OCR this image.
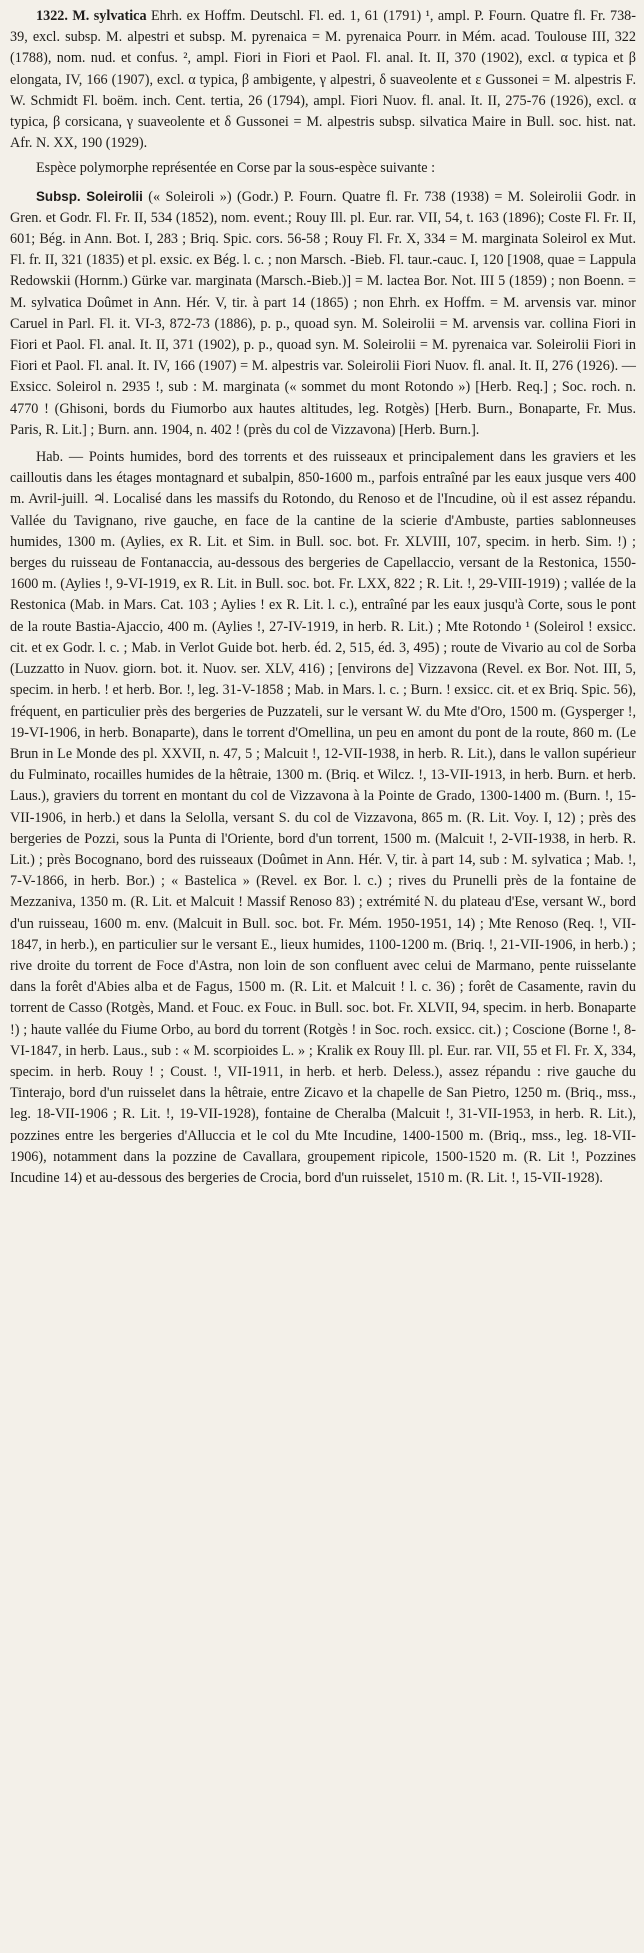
1322. M. sylvatica Ehrh. ex Hoffm. Deutschl. Fl. ed. 1, 61 (1791) ¹, ampl. P. Fourn. Quatre fl. Fr. 738-39, excl. subsp. M. alpestri et subsp. M. pyrenaica = M. pyrenaica Pourr. in Mém. acad. Toulouse III, 322 (1788), nom. nud. et confus. ², ampl. Fiori in Fiori et Paol. Fl. anal. It. II, 370 (1902), excl. α typica et β elongata, IV, 166 (1907), excl. α typica, β ambigente, γ alpestri, δ suaveolente et ε Gussonei = M. alpestris F. W. Schmidt Fl. boëm. inch. Cent. tertia, 26 (1794), ampl. Fiori Nuov. fl. anal. It. II, 275-76 (1926), excl. α typica, β corsicana, γ suaveolente et δ Gussonei = M. alpestris subsp. silvatica Maire in Bull. soc. hist. nat. Afr. N. XX, 190 (1929).

Espèce polymorphe représentée en Corse par la sous-espèce suivante :

Subsp. Soleirolii (« Soleiroli ») (Godr.) P. Fourn. Quatre fl. Fr. 738 (1938) = M. Soleirolii Godr. in Gren. et Godr. Fl. Fr. II, 534 (1852), nom. event.; Rouy Ill. pl. Eur. rar. VII, 54, t. 163 (1896); Coste Fl. Fr. II, 601; Bég. in Ann. Bot. I, 283 ; Briq. Spic. cors. 56-58 ; Rouy Fl. Fr. X, 334 = M. marginata Soleirol ex Mut. Fl. fr. II, 321 (1835) et pl. exsic. ex Bég. l. c. ; non Marsch. -Bieb. Fl. taur.-cauc. I, 120 [1908, quae = Lappula Redowskii (Hornm.) Gürke var. marginata (Marsch.-Bieb.)] = M. lactea Bor. Not. III 5 (1859) ; non Boenn. = M. sylvatica Doûmet in Ann. Hér. V, tir. à part 14 (1865) ; non Ehrh. ex Hoffm. = M. arvensis var. minor Caruel in Parl. Fl. it. VI-3, 872-73 (1886), p. p., quoad syn. M. Soleirolii = M. arvensis var. collina Fiori in Fiori et Paol. Fl. anal. It. II, 371 (1902), p. p., quoad syn. M. Soleirolii = M. pyrenaica var. Soleirolii Fiori in Fiori et Paol. Fl. anal. It. IV, 166 (1907) = M. alpestris var. Soleirolii Fiori Nuov. fl. anal. It. II, 276 (1926). — Exsicc. Soleirol n. 2935 !, sub : M. marginata (« sommet du mont Rotondo ») [Herb. Req.] ; Soc. roch. n. 4770 ! (Ghisoni, bords du Fiumorbo aux hautes altitudes, leg. Rotgès) [Herb. Burn., Bonaparte, Fr. Mus. Paris, R. Lit.] ; Burn. ann. 1904, n. 402 ! (près du col de Vizzavona) [Herb. Burn.].

Hab. — Points humides, bord des torrents et des ruisseaux et principalement dans les graviers et les cailloutis dans les étages montagnard et subalpin, 850-1600 m., parfois entraîné par les eaux jusque vers 400 m. Avril-juill. ♃. Localisé dans les massifs du Rotondo, du Renoso et de l'Incudine, où il est assez répandu. Vallée du Tavignano, rive gauche, en face de la cantine de la scierie d'Ambuste, parties sablonneuses humides, 1300 m. (Aylies, ex R. Lit. et Sim. in Bull. soc. bot. Fr. XLVIII, 107, specim. in herb. Sim. !) ; berges du ruisseau de Fontanaccia, au-dessous des bergeries de Capellaccio, versant de la Restonica, 1550-1600 m. (Aylies !, 9-VI-1919, ex R. Lit. in Bull. soc. bot. Fr. LXX, 822 ; R. Lit. !, 29-VIII-1919) ; vallée de la Restonica (Mab. in Mars. Cat. 103 ; Aylies ! ex R. Lit. l. c.), entraîné par les eaux jusqu'à Corte, sous le pont de la route Bastia-Ajaccio, 400 m. (Aylies !, 27-IV-1919, in herb. R. Lit.) ; Mte Rotondo ¹ (Soleirol ! exsicc. cit. et ex Godr. l. c. ; Mab. in Verlot Guide bot. herb. éd. 2, 515, éd. 3, 495) ; route de Vivario au col de Sorba (Luzzatto in Nuov. giorn. bot. it. Nuov. ser. XLV, 416) ; [environs de] Vizzavona (Revel. ex Bor. Not. III, 5, specim. in herb. ! et herb. Bor. !, leg. 31-V-1858 ; Mab. in Mars. l. c. ; Burn. ! exsicc. cit. et ex Briq. Spic. 56), fréquent, en particulier près des bergeries de Puzzateli, sur le versant W. du Mte d'Oro, 1500 m. (Gysperger !, 19-VI-1906, in herb. Bonaparte), dans le torrent d'Omellina, un peu en amont du pont de la route, 860 m. (Le Brun in Le Monde des pl. XXVII, n. 47, 5 ; Malcuit !, 12-VII-1938, in herb. R. Lit.), dans le vallon supérieur du Fulminato, rocailles humides de la hêtraie, 1300 m. (Briq. et Wilcz. !, 13-VII-1913, in herb. Burn. et herb. Laus.), graviers du torrent en montant du col de Vizzavona à la Pointe de Grado, 1300-1400 m. (Burn. !, 15-VII-1906, in herb.) et dans la Selolla, versant S. du col de Vizzavona, 865 m. (R. Lit. Voy. I, 12) ; près des bergeries de Pozzi, sous la Punta di l'Oriente, bord d'un torrent, 1500 m. (Malcuit !, 2-VII-1938, in herb. R. Lit.) ; près Bocognano, bord des ruisseaux (Doûmet in Ann. Hér. V, tir. à part 14, sub : M. sylvatica ; Mab. !, 7-V-1866, in herb. Bor.) ; « Bastelica » (Revel. ex Bor. l. c.) ; rives du Prunelli près de la fontaine de Mezzaniva, 1350 m. (R. Lit. et Malcuit ! Massif Renoso 83) ; extrémité N. du plateau d'Ese, versant W., bord d'un ruisseau, 1600 m. env. (Malcuit in Bull. soc. bot. Fr. Mém. 1950-1951, 14) ; Mte Renoso (Req. !, VII-1847, in herb.), en particulier sur le versant E., lieux humides, 1100-1200 m. (Briq. !, 21-VII-1906, in herb.) ; rive droite du torrent de Foce d'Astra, non loin de son confluent avec celui de Marmano, pente ruisselante dans la forêt d'Abies alba et de Fagus, 1500 m. (R. Lit. et Malcuit ! l. c. 36) ; forêt de Casamente, ravin du torrent de Casso (Rotgès, Mand. et Fouc. ex Fouc. in Bull. soc. bot. Fr. XLVII, 94, specim. in herb. Bonaparte !) ; haute vallée du Fiume Orbo, au bord du torrent (Rotgès ! in Soc. roch. exsicc. cit.) ; Coscione (Borne !, 8-VI-1847, in herb. Laus., sub : « M. scorpioides L. » ; Kralik ex Rouy Ill. pl. Eur. rar. VII, 55 et Fl. Fr. X, 334, specim. in herb. Rouy ! ; Coust. !, VII-1911, in herb. et herb. Deless.), assez répandu : rive gauche du Tinterajo, bord d'un ruisselet dans la hêtraie, entre Zicavo et la chapelle de San Pietro, 1250 m. (Briq., mss., leg. 18-VII-1906 ; R. Lit. !, 19-VII-1928), fontaine de Cheralba (Malcuit !, 31-VII-1953, in herb. R. Lit.), pozzines entre les bergeries d'Alluccia et le col du Mte Incudine, 1400-1500 m. (Briq., mss., leg. 18-VII-1906), notamment dans la pozzine de Cavallara, groupement ripicole, 1500-1520 m. (R. Lit !, Pozzines Incudine 14) et au-dessous des bergeries de Crocia, bord d'un ruisselet, 1510 m. (R. Lit. !, 15-VII-1928).
